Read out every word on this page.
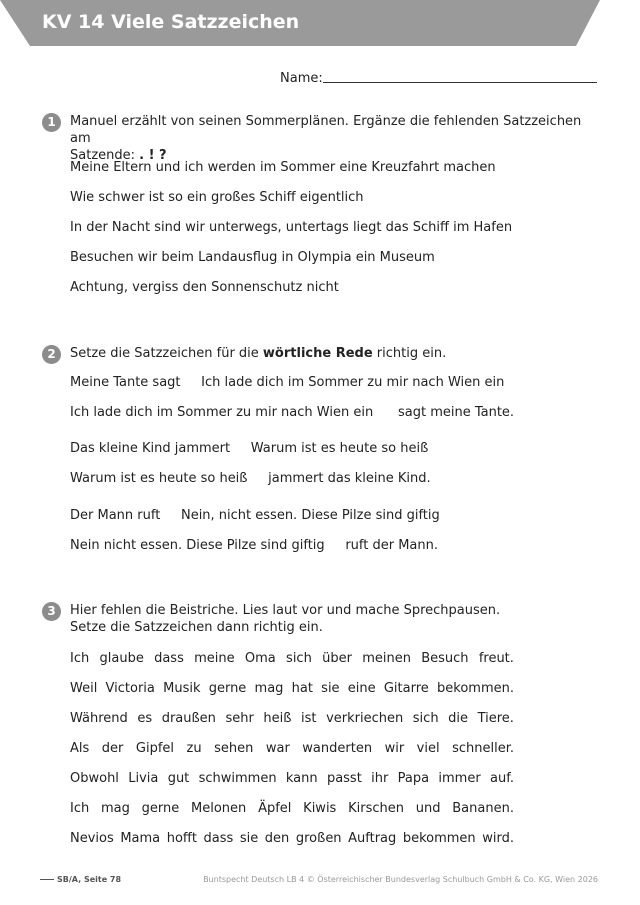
KV 14 Viele Satzzeichen
Name:
1	Manuel erzählt von seinen Sommerplänen. Ergänze die fehlenden Satzzeichen am
Satzende: . ! ?
Meine Eltern und ich werden im Sommer eine Kreuzfahrt machen
Wie schwer ist so ein großes Schiff eigentlich
In der Nacht sind wir unterwegs, untertags liegt das Schiff im Hafen
Besuchen wir beim Landausflug in Olympia ein Museum
Achtung, vergiss den Sonnenschutz nicht
2	Setze die Satzzeichen für die wörtliche Rede richtig ein.
Meine Tante sagt     Ich lade dich im Sommer zu mir nach Wien ein
Ich lade dich im Sommer zu mir nach Wien ein      sagt meine Tante.
Das kleine Kind jammert     Warum ist es heute so heiß
Warum ist es heute so heiß     jammert das kleine Kind.
Der Mann ruft     Nein, nicht essen. Diese Pilze sind giftig
Nein nicht essen. Diese Pilze sind giftig     ruft der Mann.
3	Hier fehlen die Beistriche. Lies laut vor und mache Sprechpausen.
Setze die Satzzeichen dann richtig ein.
Ich glaube dass meine Oma sich über meinen Besuch freut.
Weil Victoria Musik gerne mag hat sie eine Gitarre bekommen.
Während es draußen sehr heiß ist verkriechen sich die Tiere.
Als der Gipfel zu sehen war wanderten wir viel schneller.
Obwohl Livia gut schwimmen kann passt ihr Papa immer auf.
Ich mag gerne Melonen Äpfel Kiwis Kirschen und Bananen.
Nevios Mama hofft dass sie den großen Auftrag bekommen wird.
SB/A, Seite 78	Buntspecht Deutsch LB 4 © Österreichischer Bundesverlag Schulbuch GmbH & Co. KG, Wien 2026
